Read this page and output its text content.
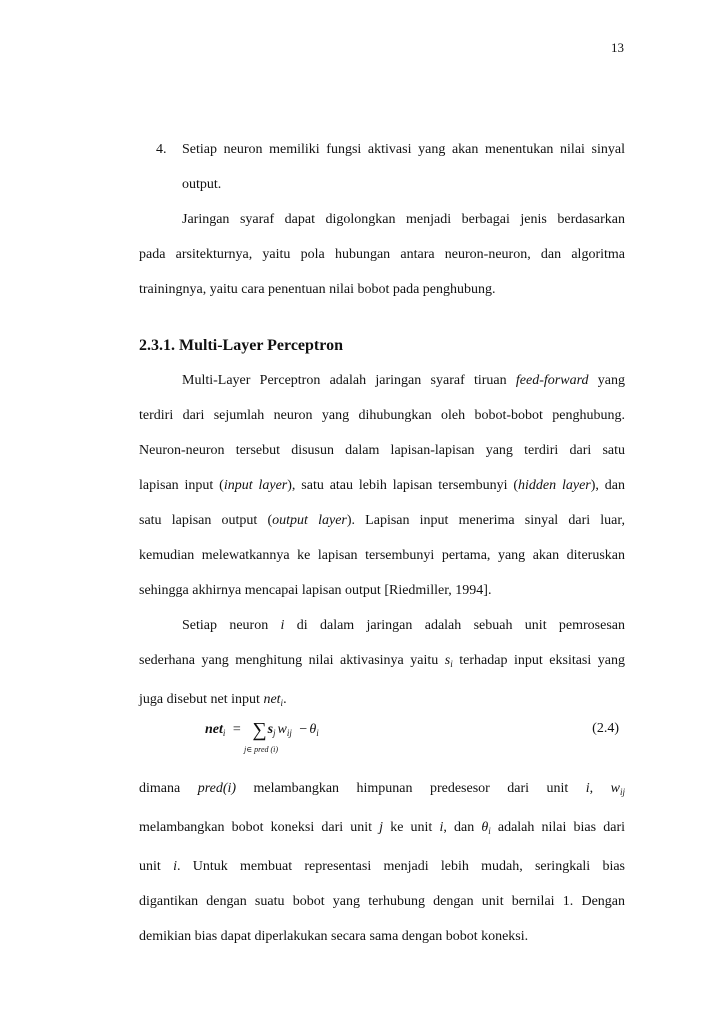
13
4. Setiap neuron memiliki fungsi aktivasi yang akan menentukan nilai sinyal
output.
Jaringan syaraf dapat digolongkan menjadi berbagai jenis berdasarkan
pada arsitekturnya, yaitu pola hubungan antara neuron-neuron, dan algoritma
trainingnya, yaitu cara penentuan nilai bobot pada penghubung.
2.3.1. Multi-Layer Perceptron
Multi-Layer Perceptron adalah jaringan syaraf tiruan feed-forward yang
terdiri dari sejumlah neuron yang dihubungkan oleh bobot-bobot penghubung.
Neuron-neuron tersebut disusun dalam lapisan-lapisan yang terdiri dari satu
lapisan input (input layer), satu atau lebih lapisan tersembunyi (hidden layer), dan
satu lapisan output (output layer). Lapisan input menerima sinyal dari luar,
kemudian melewatkannya ke lapisan tersembunyi pertama, yang akan diteruskan
sehingga akhirnya mencapai lapisan output [Riedmiller, 1994].
Setiap neuron i di dalam jaringan adalah sebuah unit pemrosesan
sederhana yang menghitung nilai aktivasinya yaitu $s_i$ terhadap input eksitasi yang
juga disebut net input net$_i$.
$net_i = \sum s_j$ $w_{ij} - \theta_i$
j∈ pred (i)
(2.4)
dimana pred(i) melambangkan himpunan predesesor dari unit i, $w_{ij}$
melambangkan bobot koneksi dari unit j ke unit i, dan $\theta_i$ adalah nilai bias dari
unit i. Untuk membuat representasi menjadi lebih mudah, seringkali bias
digantikan dengan suatu bobot yang terhubung dengan unit bernilai 1. Dengan
demikian bias dapat diperlakukan secara sama dengan bobot koneksi.
